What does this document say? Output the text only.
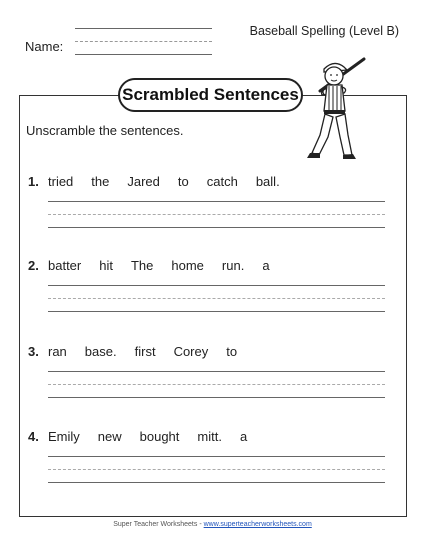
Name:
Baseball Spelling (Level B)
Scrambled Sentences
Unscramble the sentences.
1. tried the Jared to catch ball.
2. batter hit The home run. a
3. ran base. first Corey to
4. Emily new bought mitt. a
Super Teacher Worksheets - www.superteacherworksheets.com
